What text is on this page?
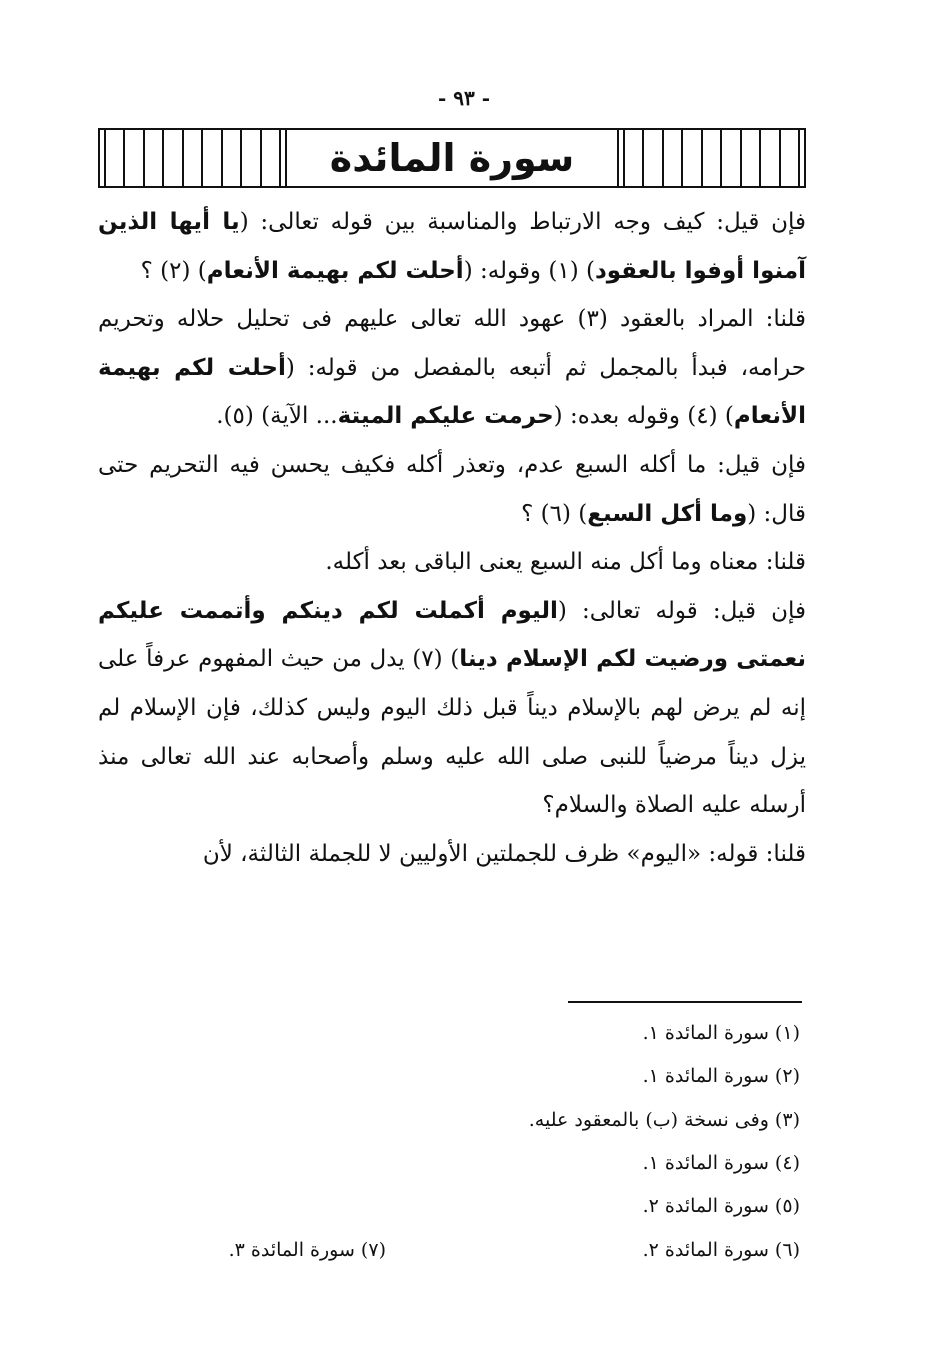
- ٩٣ -
سورة المائدة

فإن قيل: كيف وجه الارتباط والمناسبة بين قوله تعالى: (يا أيها الذين آمنوا أوفوا بالعقود) (١) وقوله: (أحلت لكم بهيمة الأنعام) (٢) ؟

قلنا: المراد بالعقود (٣) عهود الله تعالى عليهم فى تحليل حلاله وتحريم حرامه، فبدأ بالمجمل ثم أتبعه بالمفصل من قوله: (أحلت لكم بهيمة الأنعام) (٤) وقوله بعده: (حرمت عليكم الميتة... الآية) (٥).

فإن قيل: ما أكله السبع عدم، وتعذر أكله فكيف يحسن فيه التحريم حتى قال: (وما أكل السبع) (٦) ؟

قلنا: معناه وما أكل منه السبع يعنى الباقى بعد أكله.

فإن قيل: قوله تعالى: (اليوم أكملت لكم دينكم وأتممت عليكم نعمتى ورضيت لكم الإسلام دينا) (٧) يدل من حيث المفهوم عرفاً على إنه لم يرض لهم بالإسلام ديناً قبل ذلك اليوم وليس كذلك، فإن الإسلام لم يزل ديناً مرضياً للنبى صلى الله عليه وسلم وأصحابه عند الله تعالى منذ أرسله عليه الصلاة والسلام؟

قلنا: قوله: «اليوم» ظرف للجملتين الأوليين لا للجملة الثالثة، لأن

(١) سورة المائدة ١.
(٢) سورة المائدة ١.
(٣) وفى نسخة (ب) بالمعقود عليه.
(٤) سورة المائدة ١.
(٥) سورة المائدة ٢.
(٦) سورة المائدة ٢.
(٧) سورة المائدة ٣.
